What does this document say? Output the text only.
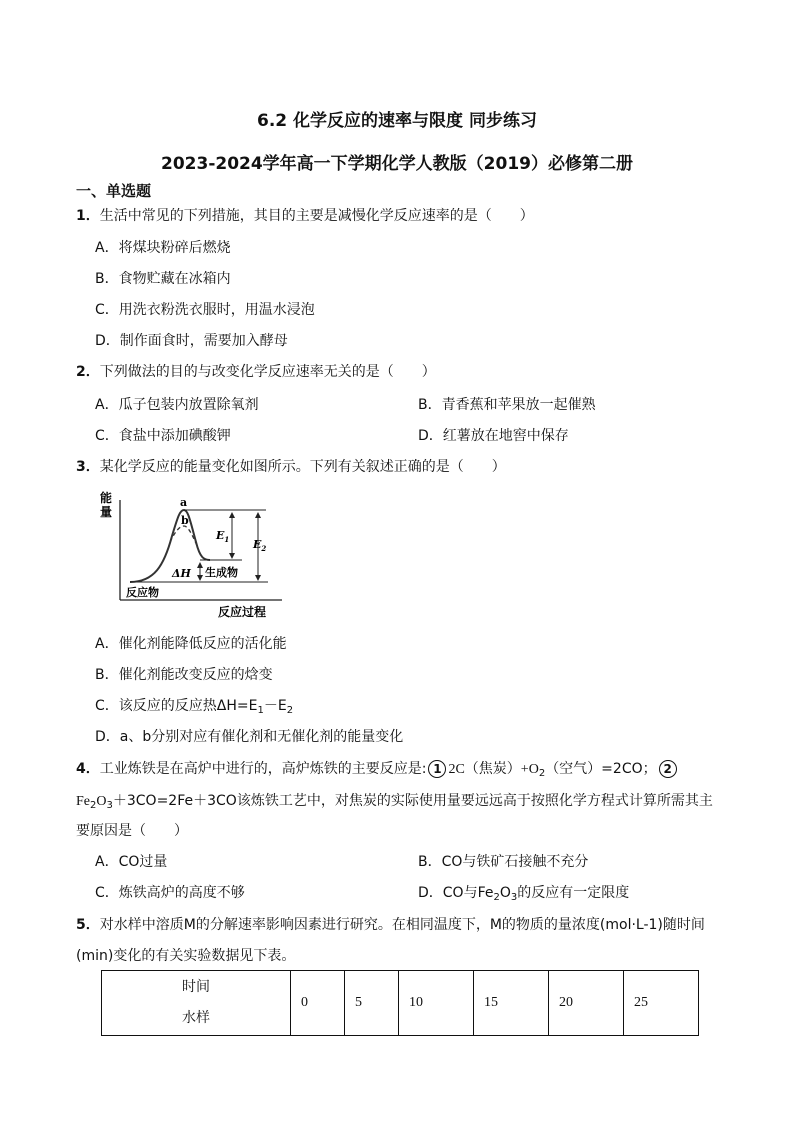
6.2 化学反应的速率与限度 同步练习
2023-2024学年高一下学期化学人教版（2019）必修第二册
一、单选题
1．生活中常见的下列措施，其目的主要是减慢化学反应速率的是（　　）
A．将煤块粉碎后燃烧
B．食物贮藏在冰箱内
C．用洗衣粉洗衣服时，用温水浸泡
D．制作面食时，需要加入酵母
2．下列做法的目的与改变化学反应速率无关的是（　　）
A．瓜子包装内放置除氧剂	B．青香蕉和苹果放一起催熟
C．食盐中添加碘酸钾	D．红薯放在地窖中保存
3．某化学反应的能量变化如图所示。下列有关叙述正确的是（　　）
能
量
反应过程
a
b
$E_1$ $E_2$
ΔH 生成物
反应物
A．催化剂能降低反应的活化能
B．催化剂能改变反应的焓变
C．该反应的反应热$\Delta H=E_1-E_2$
D．a、b分别对应有催化剂和无催化剂的能量变化
4．工业炼铁是在高炉中进行的，高炉炼铁的主要反应是: 1 2C（焦炭）$+O_2$（空气）=2CO； 2
$Fe_2O_3+3CO=2Fe+3CO$该炼铁工艺中，对焦炭的实际使用量要远远高于按照化学方程式计算所需其主
要原因是（　　）
A．CO过量	B．CO与铁矿石接触不充分
C．炼铁高炉的高度不够	D．CO与$Fe_2O_3$的反应有一定限度
5．对水样中溶质M的分解速率影响因素进行研究。在相同温度下，M的物质的量浓度(mol·L-1)随时间
(min)变化的有关实验数据见下表。
时间
水样
	0	5	10	15	20	25
